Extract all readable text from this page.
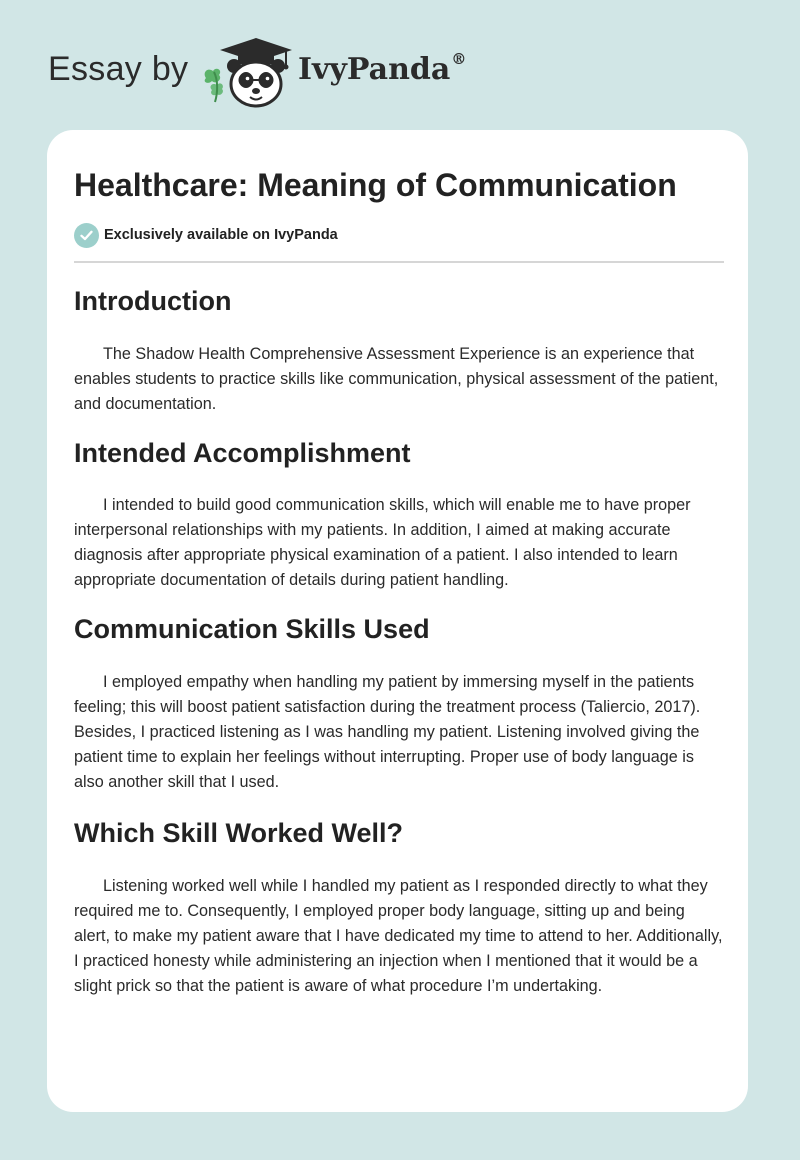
Essay by	IvyPanda®
Healthcare: Meaning of Communication
Exclusively available on IvyPanda
Introduction

The Shadow Health Comprehensive Assessment Experience is an experience that enables students to practice skills like communication, physical assessment of the patient, and documentation.

Intended Accomplishment

I intended to build good communication skills, which will enable me to have proper interpersonal relationships with my patients. In addition, I aimed at making accurate diagnosis after appropriate physical examination of a patient. I also intended to learn appropriate documentation of details during patient handling.

Communication Skills Used

I employed empathy when handling my patient by immersing myself in the patients feeling; this will boost patient satisfaction during the treatment process (Taliercio, 2017). Besides, I practiced listening as I was handling my patient. Listening involved giving the patient time to explain her feelings without interrupting. Proper use of body language is also another skill that I used.

Which Skill Worked Well?

Listening worked well while I handled my patient as I responded directly to what they required me to. Consequently, I employed proper body language, sitting up and being alert, to make my patient aware that I have dedicated my time to attend to her. Additionally, I practiced honesty while administering an injection when I mentioned that it would be a slight prick so that the patient is aware of what procedure I’m undertaking.
